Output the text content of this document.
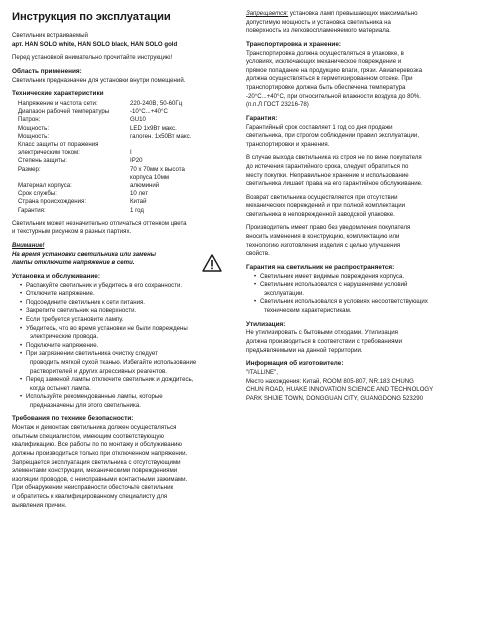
Инструкция по эксплуатации
Светильник встраиваемый
арт. HAN SOLO white, HAN SOLO black, HAN SOLO gold
Перед установкой внимательно прочитайте инструкцию!
Область применения:
Светильник предназначен для установки внутри помещений.
Технические характеристики
Напряжение и частота сети:	220-240В, 50-60Гц
Диапазон рабочей температуры	-10°С...+40°С
Патрон:	GU10
Мощность:	LED 1x9Вт макс.
Мощность:	галоген. 1x50Вт макс.
Класс защиты от поражения	
электрическим током:	I
Степень защиты:	IP20
Размер:	70 x 70мм x высота
	корпуса 10мм
Материал корпуса:	алюминий
Срок службы:	10 лет
Страна происхождения:	Китай
Гарантия:	1 год
Светильник может незначительно отличаться оттенком цвета
и текстурным рисунком в разных партиях.
Внимание!
На время установки светильника или замены
лампы отключите напряжение в сети.
Установка и обслуживание:
• Распакуйте светильник и убедитесь в его сохранности.
• Отключите напряжение.
• Подсоедините светильник к сети питания.
• Закрепите светильник на поверхности.
• Если требуется установите лампу.
• Убедитесь, что во время установки не были повреждены
электрические провода.
• Подключите напряжение.
• При загрязнении светильника очистку следует
проводить мягкой сухой тканью. Избегайте использование
растворителей и других агрессивных реагентов.
• Перед заменой лампы отключите светильник и дождитесь,
когда остынет лампа.
• Используйте рекомендованные лампы, которые
предназначены для этого светильника.
Требования по технике безопасности:
Монтаж и демонтаж светильника должен осуществляться
опытным специалистом, имеющим соответствующую
квалификацию. Все работы по по монтажу и обслуживанию
должны производиться только при отключенном напряжении.
Запрещается эксплуатация светильника с отсутствующими
элементами конструкции, механическими повреждениями
изоляции проводов, с неисправными контактными зажимами.
При обнаружении неисправности обесточьте светильник
и обратитесь к квалифицированному специалисту для
выявления причин.
Запрещается: установка ламп превышающих максимально
допустимую мощность и установка светильника на
поверхность из легковоспламеняемого материала.
Транспортировка и хранение:
Транспортировка должна осуществляться в упаковке, в
условиях, исключающих механическое повреждение и
прямое попадание на продукцию влаги, грязи. Авиаперевозка
должна осуществляться в герметизированном отсеке. При
транспортировке должна быть обеспечена температура
-20°С...+40°С, при относительной влажности воздуха до 80%.
(п.п.Л ГОСТ 23216-78)
Гарантия:
Гарантийный срок составляет 1 год со дня продажи
светильника, при строгом соблюдении правил эксплуатации,
транспортировки и хранения.
В случае выхода светильника из строя не по вине покупателя
до истечения гарантийного срока, следует обратиться по
месту покупки. Неправильное хранение и использование
светильника лишает права на его гарантийное обслуживание.
Возврат светильника осуществляется при отсутствии
механических повреждений и при полной комплектации
светильника в неповрежденной заводской упаковке.
Производитель имеет право без уведомления покупателя
вносить изменения в конструкцию, комплектацию или
технологию изготовления изделия с целью улучшения
свойств.
Гарантия на светильник не распространяется:
• Светильник имеет видимые повреждения корпуса.
• Светильник использовался с нарушениями условий
эксплуатации.
• Светильник использовался в условиях несоответствующих
техническим характеристикам.
Утилизация:
Не утилизировать с бытовыми отходами. Утилизация
должна производиться в соответствии с требованиями
предъявляемыми на данной территории.
Информация об изготовителе:
"ITALLINE",
Место нахождения: Китай, ROOM 805-807, NR.183 CHUNG
CHUN ROAD, HUAKE INNOVATION SCIENCE AND TECHNOLOGY
PARK SHIJIE TOWN, DONGGUAN CITY, GUANGDONG 523290
